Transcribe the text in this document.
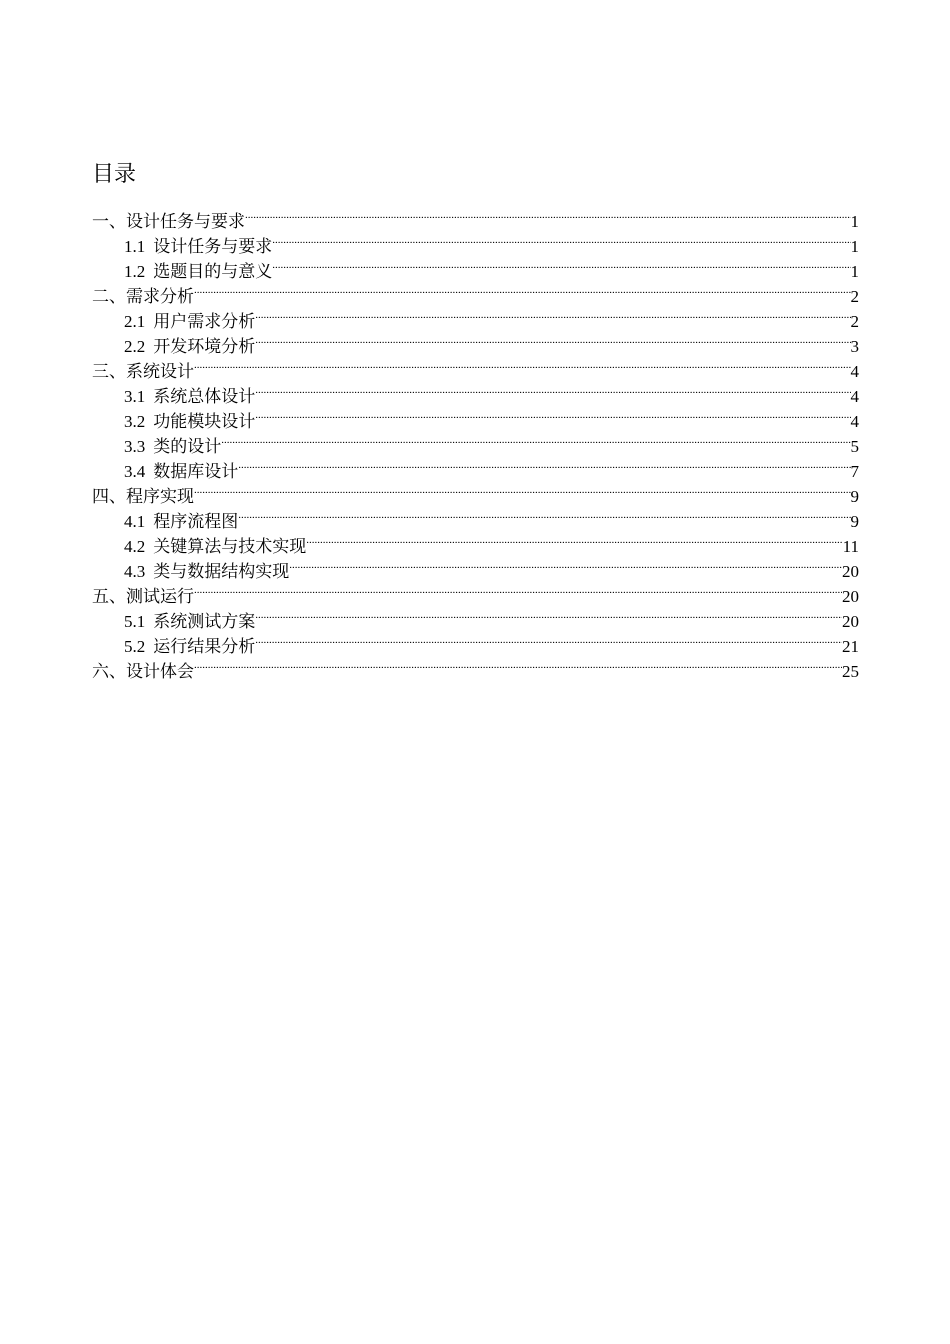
目录
一、设计任务与要求 .....	1
1.1 设计任务与要求 .....	1
1.2 选题目的与意义 .....	1
二、需求分析 .....	2
2.1 用户需求分析 .....	2
2.2 开发环境分析 .....	3
三、系统设计 .....	4
3.1 系统总体设计 .....	4
3.2 功能模块设计 .....	4
3.3 类的设计 .....	5
3.4 数据库设计 .....	7
四、程序实现 .....	9
4.1 程序流程图 .....	9
4.2 关键算法与技术实现 .....	11
4.3 类与数据结构实现 .....	20
五、测试运行 .....	20
5.1 系统测试方案 .....	20
5.2 运行结果分析 .....	21
六、设计体会 .....	25
